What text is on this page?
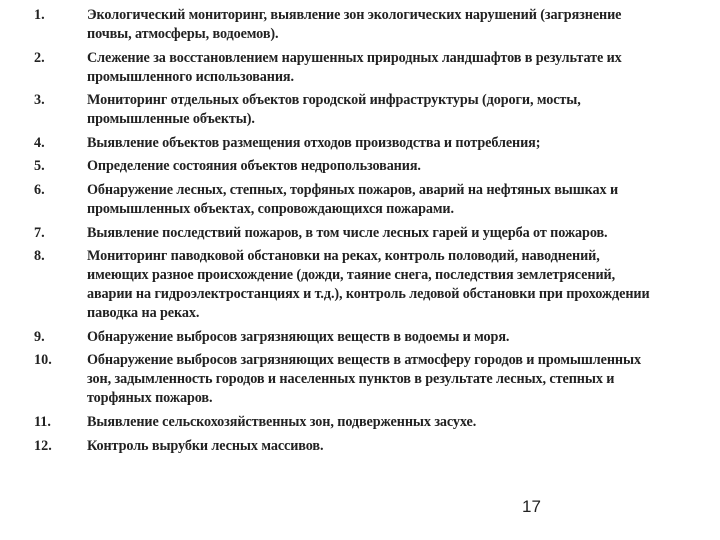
1.	Экологический мониторинг, выявление зон экологических нарушений (загрязнение почвы, атмосферы, водоемов).
2.	Слежение за восстановлением нарушенных природных ландшафтов в результате их промышленного использования.
3.	Мониторинг отдельных объектов городской инфраструктуры (дороги, мосты, промышленные объекты).
4.	Выявление объектов размещения отходов производства и потребления;
5.	Определение состояния объектов недропользования.
6.	Обнаружение лесных, степных, торфяных пожаров, аварий на нефтяных вышках и промышленных объектах, сопровождающихся пожарами.
7.	Выявление последствий пожаров, в том числе лесных гарей и ущерба от пожаров.
8.	Мониторинг паводковой обстановки на реках, контроль половодий, наводнений, имеющих разное происхождение (дожди, таяние снега, последствия землетрясений, аварии на гидроэлектростанциях и т.д.), контроль ледовой обстановки при прохождении паводка на реках.
9.	Обнаружение выбросов загрязняющих веществ в водоемы и моря.
10.	Обнаружение выбросов загрязняющих веществ в атмосферу городов и промышленных зон, задымленность городов и населенных пунктов в результате лесных, степных и торфяных пожаров.
11.	Выявление сельскохозяйственных зон, подверженных засухе.
12.	Контроль вырубки лесных массивов.
17
